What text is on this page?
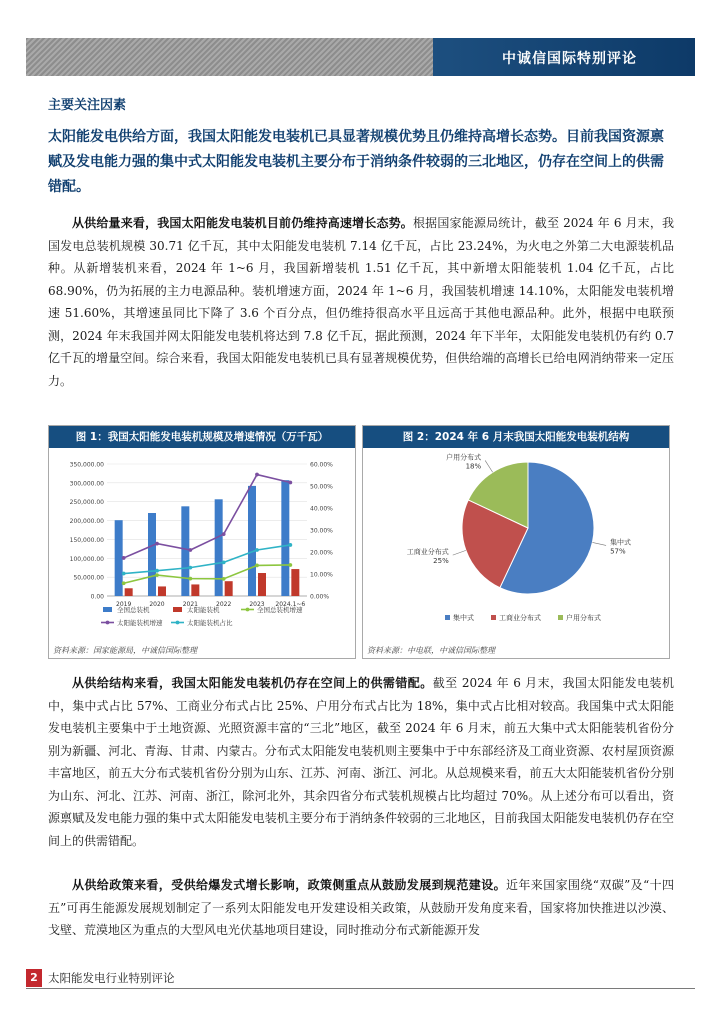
中诚信国际特别评论
主要关注因素
太阳能发电供给方面，我国太阳能发电装机已具显著规模优势且仍维持高增长态势。目前我国资源禀赋及发电能力强的集中式太阳能发电装机主要分布于消纳条件较弱的三北地区，仍存在空间上的供需错配。
从供给量来看，我国太阳能发电装机目前仍维持高速增长态势。根据国家能源局统计，截至 2024 年 6 月末，我国发电总装机规模 30.71 亿千瓦，其中太阳能发电装机 7.14 亿千瓦，占比 23.24%，为火电之外第二大电源装机品种。从新增装机来看，2024 年 1~6 月，我国新增装机 1.51 亿千瓦，其中新增太阳能装机 1.04 亿千瓦，占比 68.90%，仍为拓展的主力电源品种。装机增速方面，2024 年 1~6 月，我国装机增速 14.10%，太阳能发电装机增速 51.60%，其增速虽同比下降了 3.6 个百分点，但仍维持很高水平且远高于其他电源品种。此外，根据中电联预测，2024 年末我国并网太阳能发电装机将达到 7.8 亿千瓦，据此预测，2024 年下半年，太阳能发电装机仍有约 0.7 亿千瓦的增量空间。综合来看，我国太阳能发电装机已具有显著规模优势，但供给端的高增长已给电网消纳带来一定压力。
图 1：我国太阳能发电装机规模及增速情况（万千瓦）
0.00
50,000.00
100,000.00
150,000.00
200,000.00
250,000.00
300,000.00
350,000.00
0.00%
10.00%
20.00%
30.00%
40.00%
50.00%
60.00%
2019	2020	2021	2022	2023 2024.1~6
全国总装机	太阳能装机	全国总装机增速
太阳能装机增速	太阳能装机占比
资料来源：国家能源局，中诚信国际整理
图 2：2024 年 6 月末我国太阳能发电装机结构
集中式
57%
工商业分布式
25%
户用分布式
18%
集中式	工商业分布式	户用分布式
资料来源：中电联，中诚信国际整理
从供给结构来看，我国太阳能发电装机仍存在空间上的供需错配。截至 2024 年 6 月末，我国太阳能发电装机中，集中式占比 57%、工商业分布式占比 25%、户用分布式占比为 18%，集中式占比相对较高。我国集中式太阳能发电装机主要集中于土地资源、光照资源丰富的“三北”地区，截至 2024 年 6 月末，前五大集中式太阳能装机省份分别为新疆、河北、青海、甘肃、内蒙古。分布式太阳能发电装机则主要集中于中东部经济及工商业资源、农村屋顶资源丰富地区，前五大分布式装机省份分别为山东、江苏、河南、浙江、河北。从总规模来看，前五大太阳能装机省份分别为山东、河北、江苏、河南、浙江，除河北外，其余四省分布式装机规模占比均超过 70%。从上述分布可以看出，资源禀赋及发电能力强的集中式太阳能发电装机主要分布于消纳条件较弱的三北地区，目前我国太阳能发电装机仍存在空间上的供需错配。
从供给政策来看，受供给爆发式增长影响，政策侧重点从鼓励发展到规范建设。近年来国家围绕“双碳”及“十四五”可再生能源发展规划制定了一系列太阳能发电开发建设相关政策，从鼓励开发角度来看，国家将加快推进以沙漠、戈壁、荒漠地区为重点的大型风电光伏基地项目建设，同时推动分布式新能源开发
2 太阳能发电行业特别评论
